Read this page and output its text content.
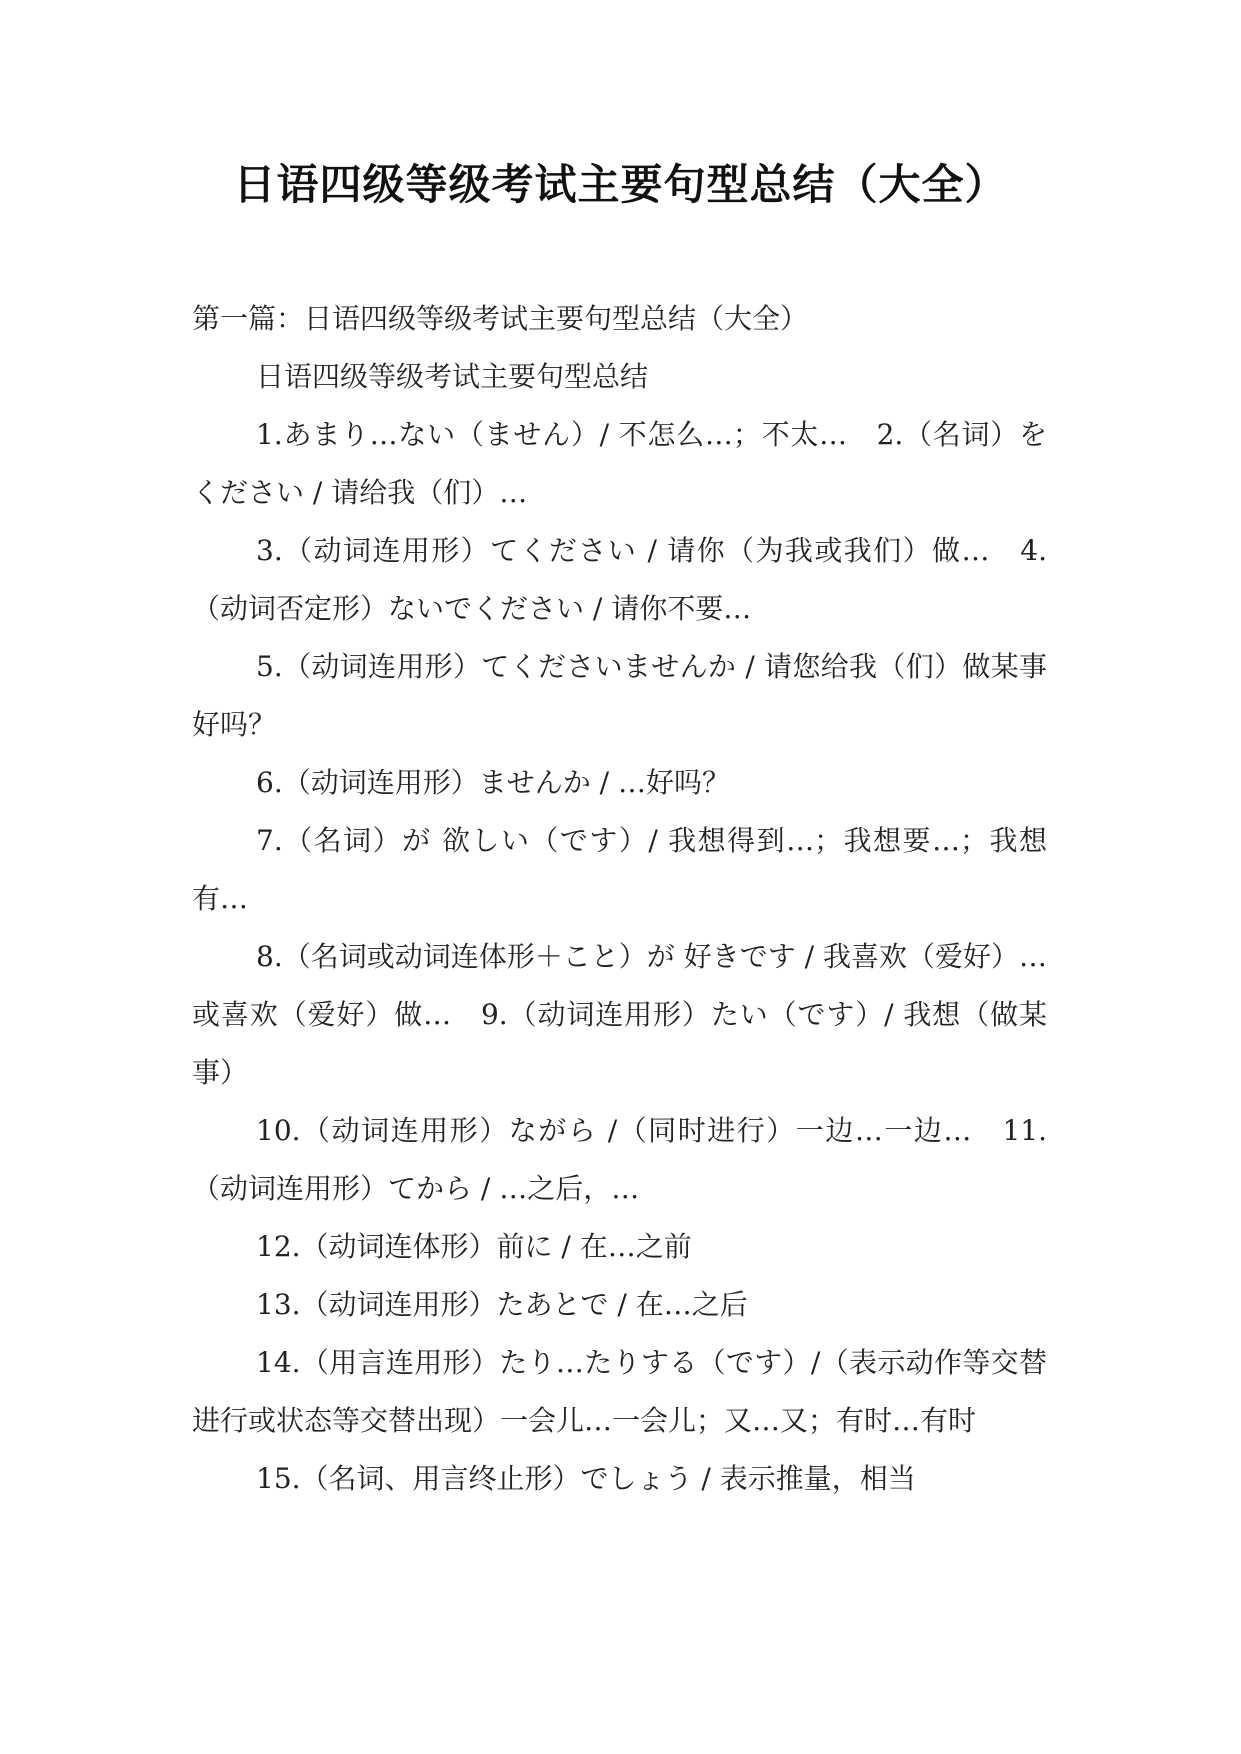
日语四级等级考试主要句型总结（大全）

第一篇：日语四级等级考试主要句型总结（大全）

日语四级等级考试主要句型总结

1.あまり…ない（ません）/ 不怎么…；不太…　2.（名词）をください / 请给我（们）…

3.（动词连用形）てください / 请你（为我或我们）做…　4.（动词否定形）ないでください / 请你不要…

5.（动词连用形）てくださいませんか / 请您给我（们）做某事好吗？

6.（动词连用形）ませんか / …好吗？

7.（名词）が 欲しい（です）/ 我想得到…；我想要…；我想有…

8.（名词或动词连体形＋こと）が 好きです / 我喜欢（爱好）…或喜欢（爱好）做…　9.（动词连用形）たい（です）/ 我想（做某事）

10.（动词连用形）ながら /（同时进行）一边…一边…　11.（动词连用形）てから / …之后，…

12.（动词连体形）前に / 在…之前

13.（动词连用形）たあとで / 在…之后

14.（用言连用形）たり…たりする（です）/（表示动作等交替进行或状态等交替出现）一会儿…一会儿；又…又；有时…有时

15.（名词、用言终止形）でしょう / 表示推量，相当
